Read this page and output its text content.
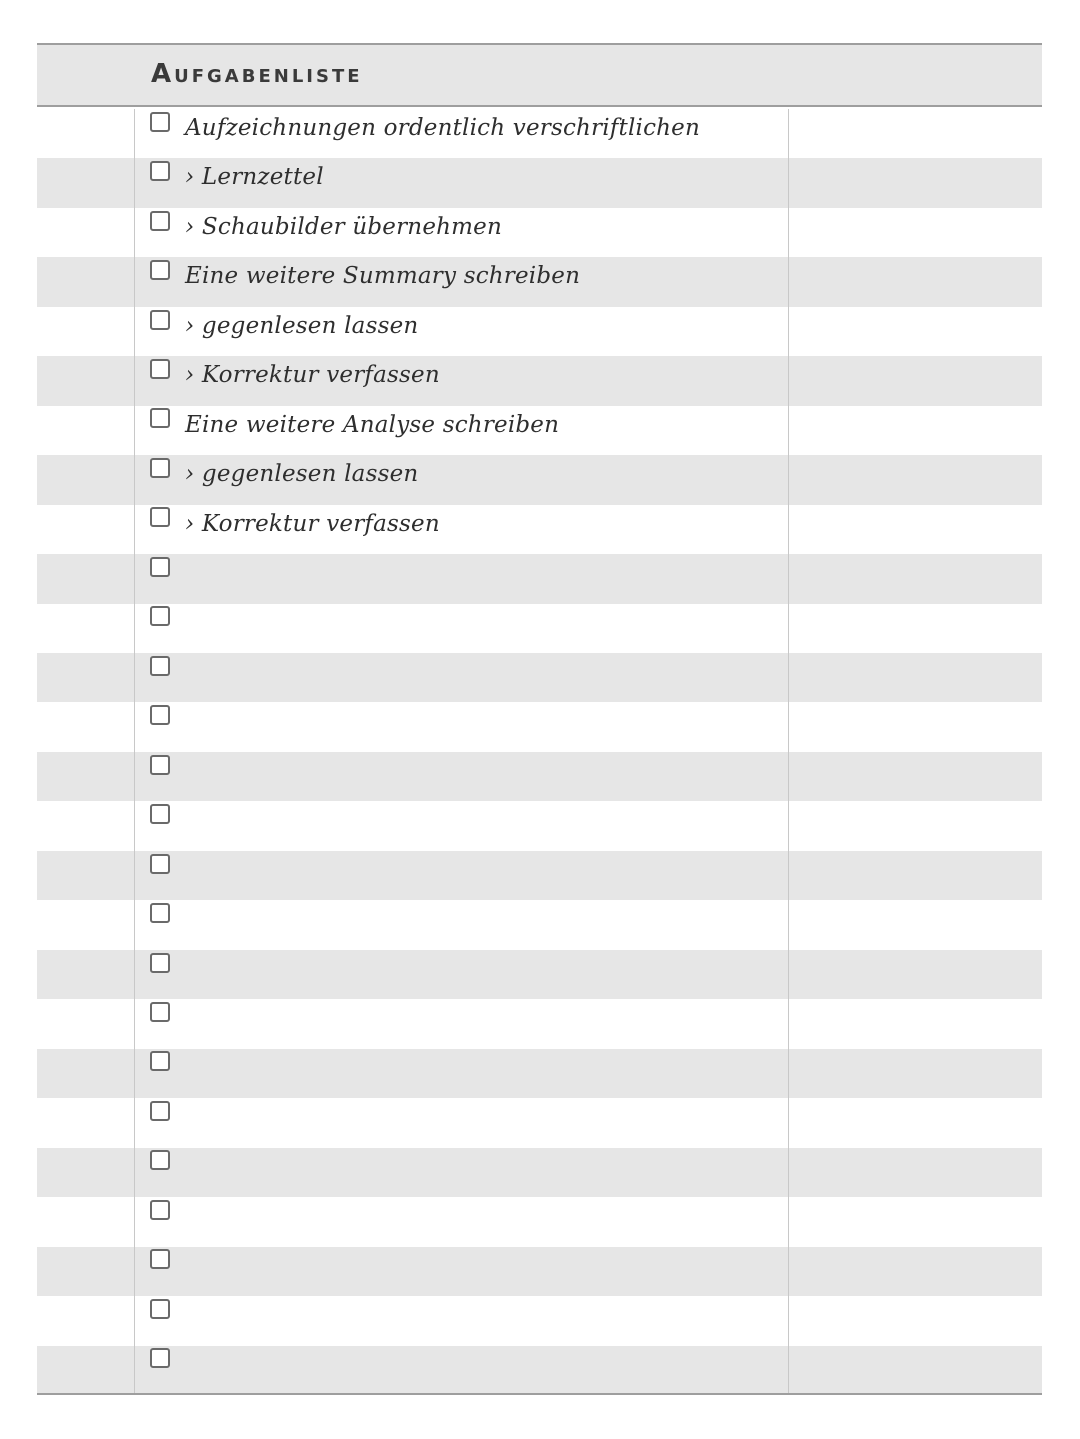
Aufgabenliste
Aufzeichnungen ordentlich verschriftlichen
› Lernzettel
› Schaubilder übernehmen
Eine weitere Summary schreiben
› gegenlesen lassen
› Korrektur verfassen
Eine weitere Analyse schreiben
› gegenlesen lassen
› Korrektur verfassen
